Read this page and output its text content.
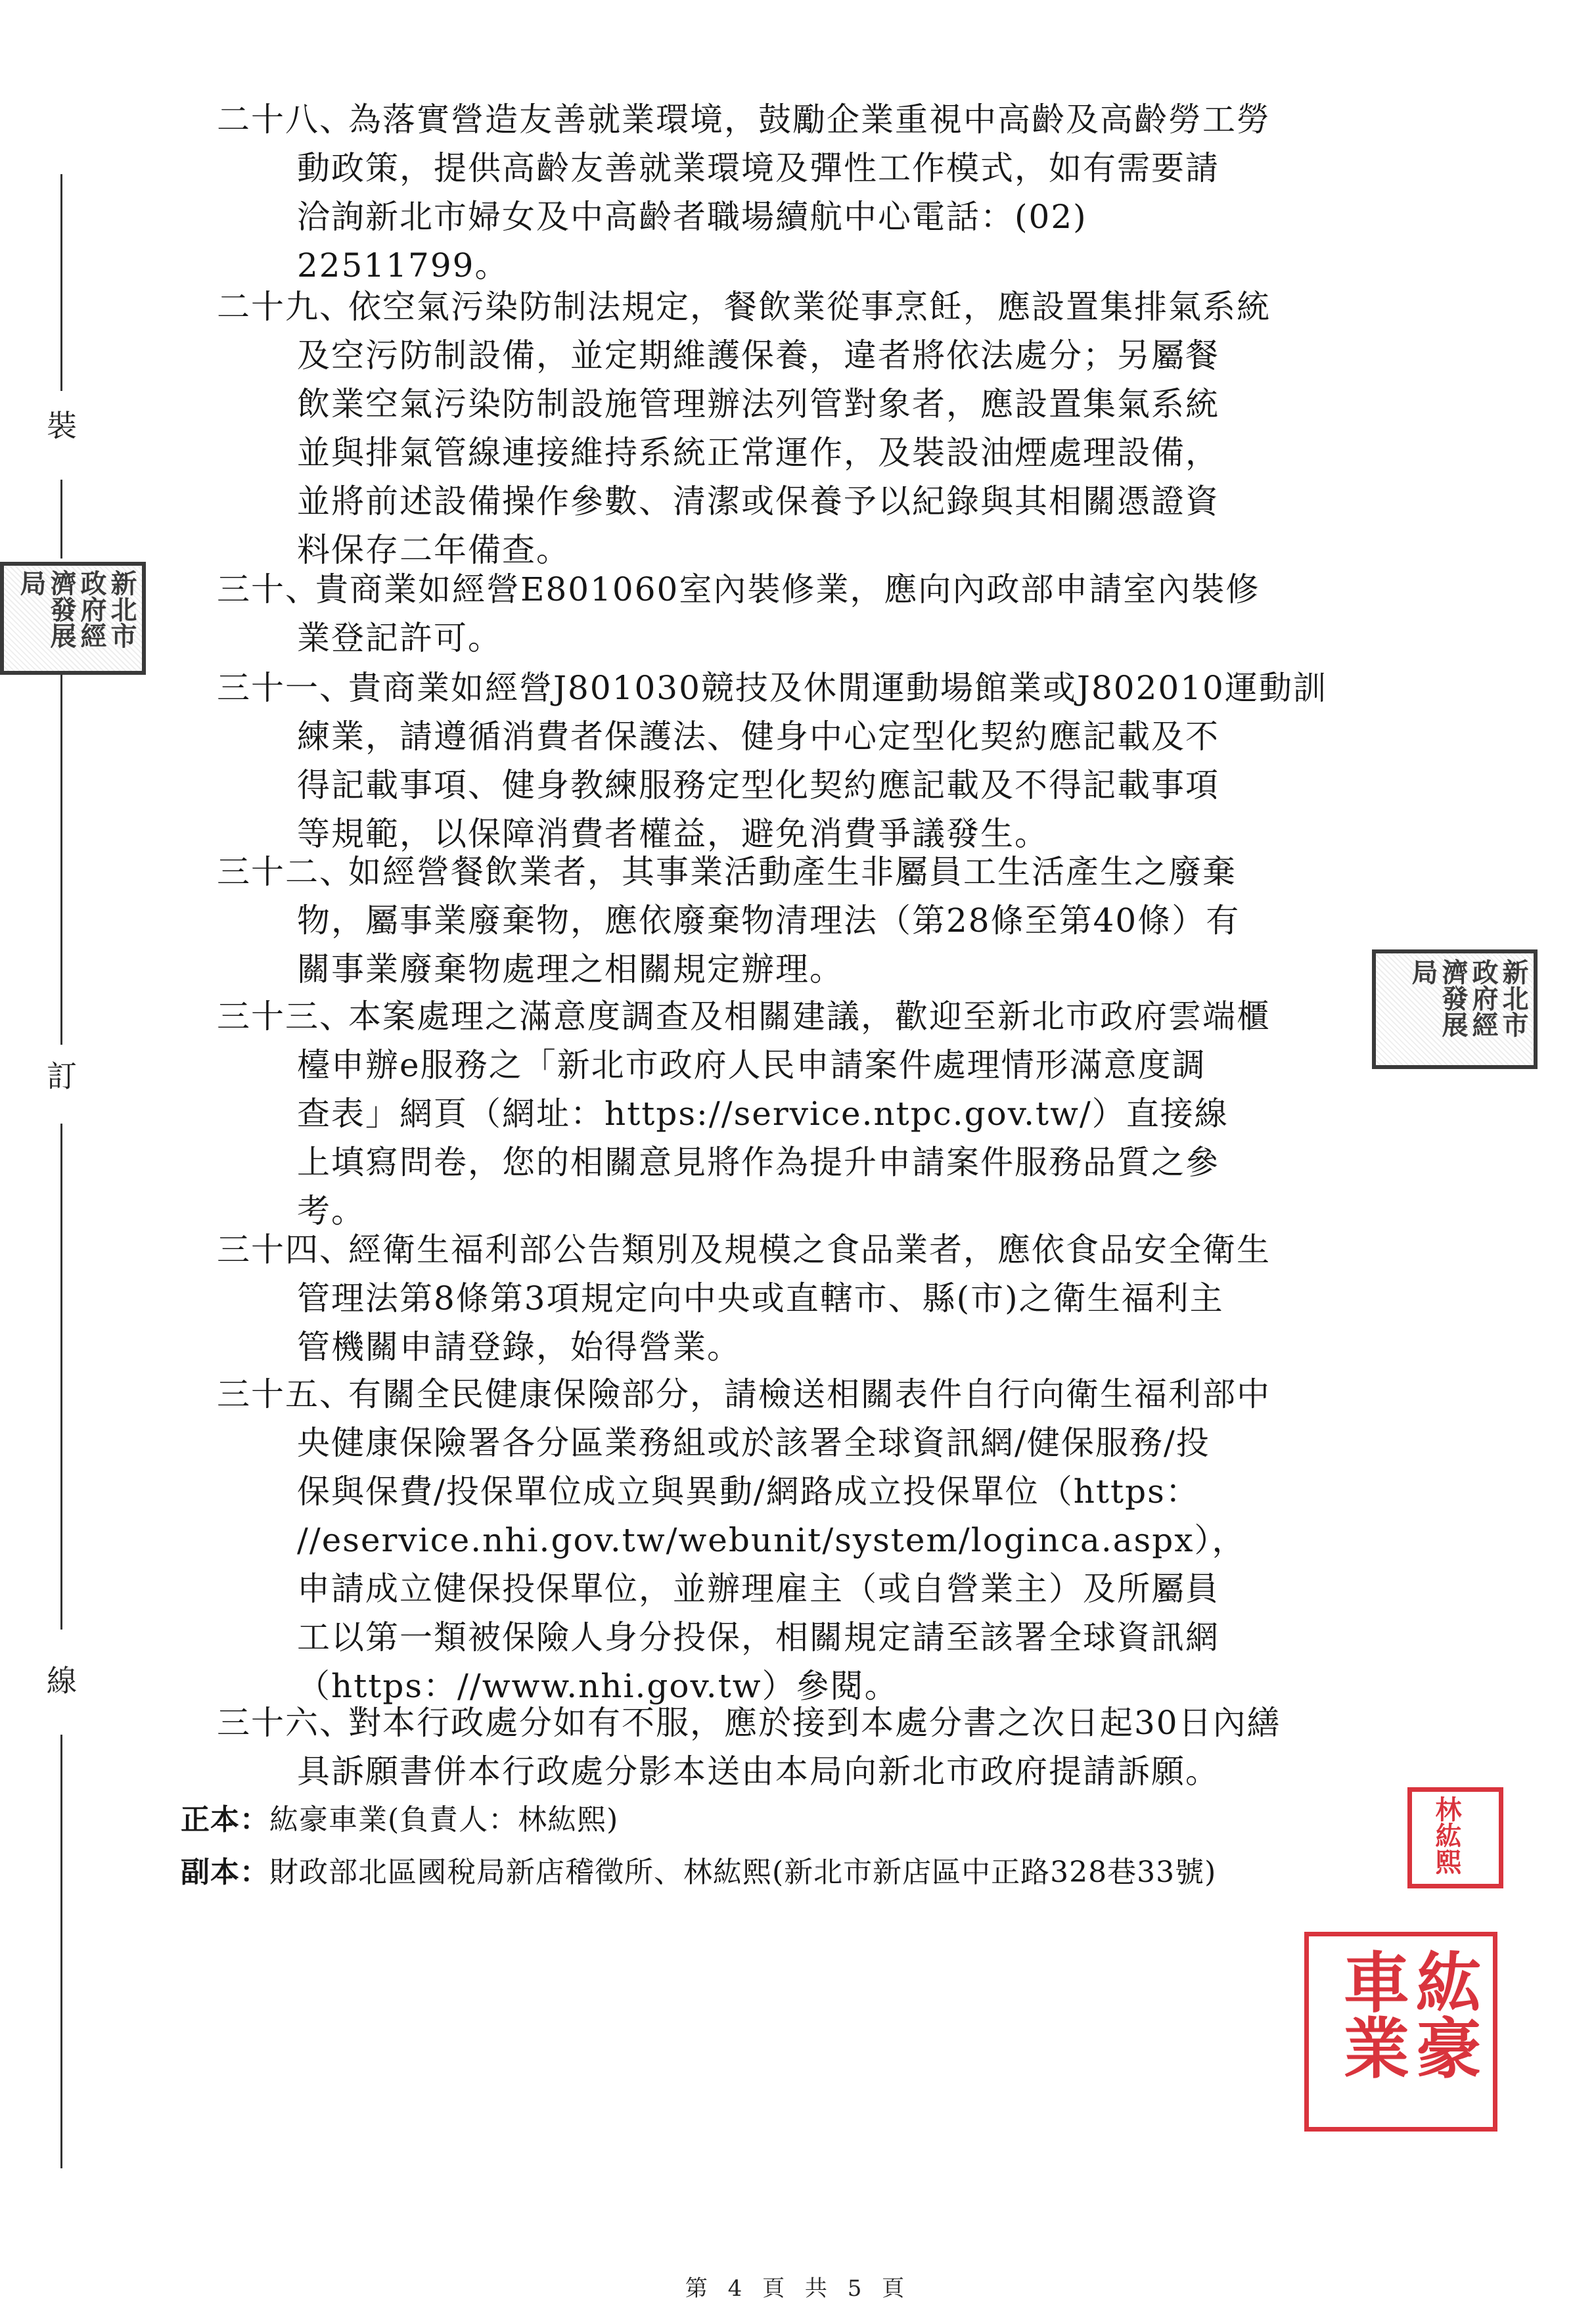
裝
訂
線
新北市政府經濟發展局
新北市政府經濟發展局
二十八、
為落實營造友善就業環境，鼓勵企業重視中高齡及高齡勞工勞
動政策，提供高齡友善就業環境及彈性工作模式，如有需要請
洽詢新北市婦女及中高齡者職場續航中心電話：(02)
22511799。
二十九、
依空氣污染防制法規定，餐飲業從事烹飪，應設置集排氣系統
及空污防制設備，並定期維護保養，違者將依法處分；另屬餐
飲業空氣污染防制設施管理辦法列管對象者，應設置集氣系統
並與排氣管線連接維持系統正常運作，及裝設油煙處理設備，
並將前述設備操作參數、清潔或保養予以紀錄與其相關憑證資
料保存二年備查。
三十、
貴商業如經營E801060室內裝修業，應向內政部申請室內裝修
業登記許可。
三十一、
貴商業如經營J801030競技及休閒運動場館業或J802010運動訓
練業，請遵循消費者保護法、健身中心定型化契約應記載及不
得記載事項、健身教練服務定型化契約應記載及不得記載事項
等規範，以保障消費者權益，避免消費爭議發生。
三十二、
如經營餐飲業者，其事業活動產生非屬員工生活產生之廢棄
物，屬事業廢棄物，應依廢棄物清理法（第28條至第40條）有
關事業廢棄物處理之相關規定辦理。
三十三、
本案處理之滿意度調查及相關建議，歡迎至新北市政府雲端櫃
檯申辦e服務之「新北市政府人民申請案件處理情形滿意度調
查表」網頁（網址：https://service.ntpc.gov.tw/）直接線
上填寫問卷，您的相關意見將作為提升申請案件服務品質之參
考。
三十四、
經衛生福利部公告類別及規模之食品業者，應依食品安全衛生
管理法第8條第3項規定向中央或直轄市、縣(市)之衛生福利主
管機關申請登錄，始得營業。
三十五、
有關全民健康保險部分，請檢送相關表件自行向衛生福利部中
央健康保險署各分區業務組或於該署全球資訊網/健保服務/投
保與保費/投保單位成立與異動/網路成立投保單位（https：
//eservice.nhi.gov.tw/webunit/system/loginca.aspx），
申請成立健保投保單位，並辦理雇主（或自營業主）及所屬員
工以第一類被保險人身分投保，相關規定請至該署全球資訊網
（https：//www.nhi.gov.tw）參閱。
三十六、
對本行政處分如有不服，應於接到本處分書之次日起30日內繕
具訴願書併本行政處分影本送由本局向新北市政府提請訴願。
正本：紘豪車業(負責人：林紘熙)
副本：財政部北區國稅局新店稽徵所、林紘熙(新北市新店區中正路328巷33號)	林紘熙
紘豪車業
第 4 頁 共 5 頁
